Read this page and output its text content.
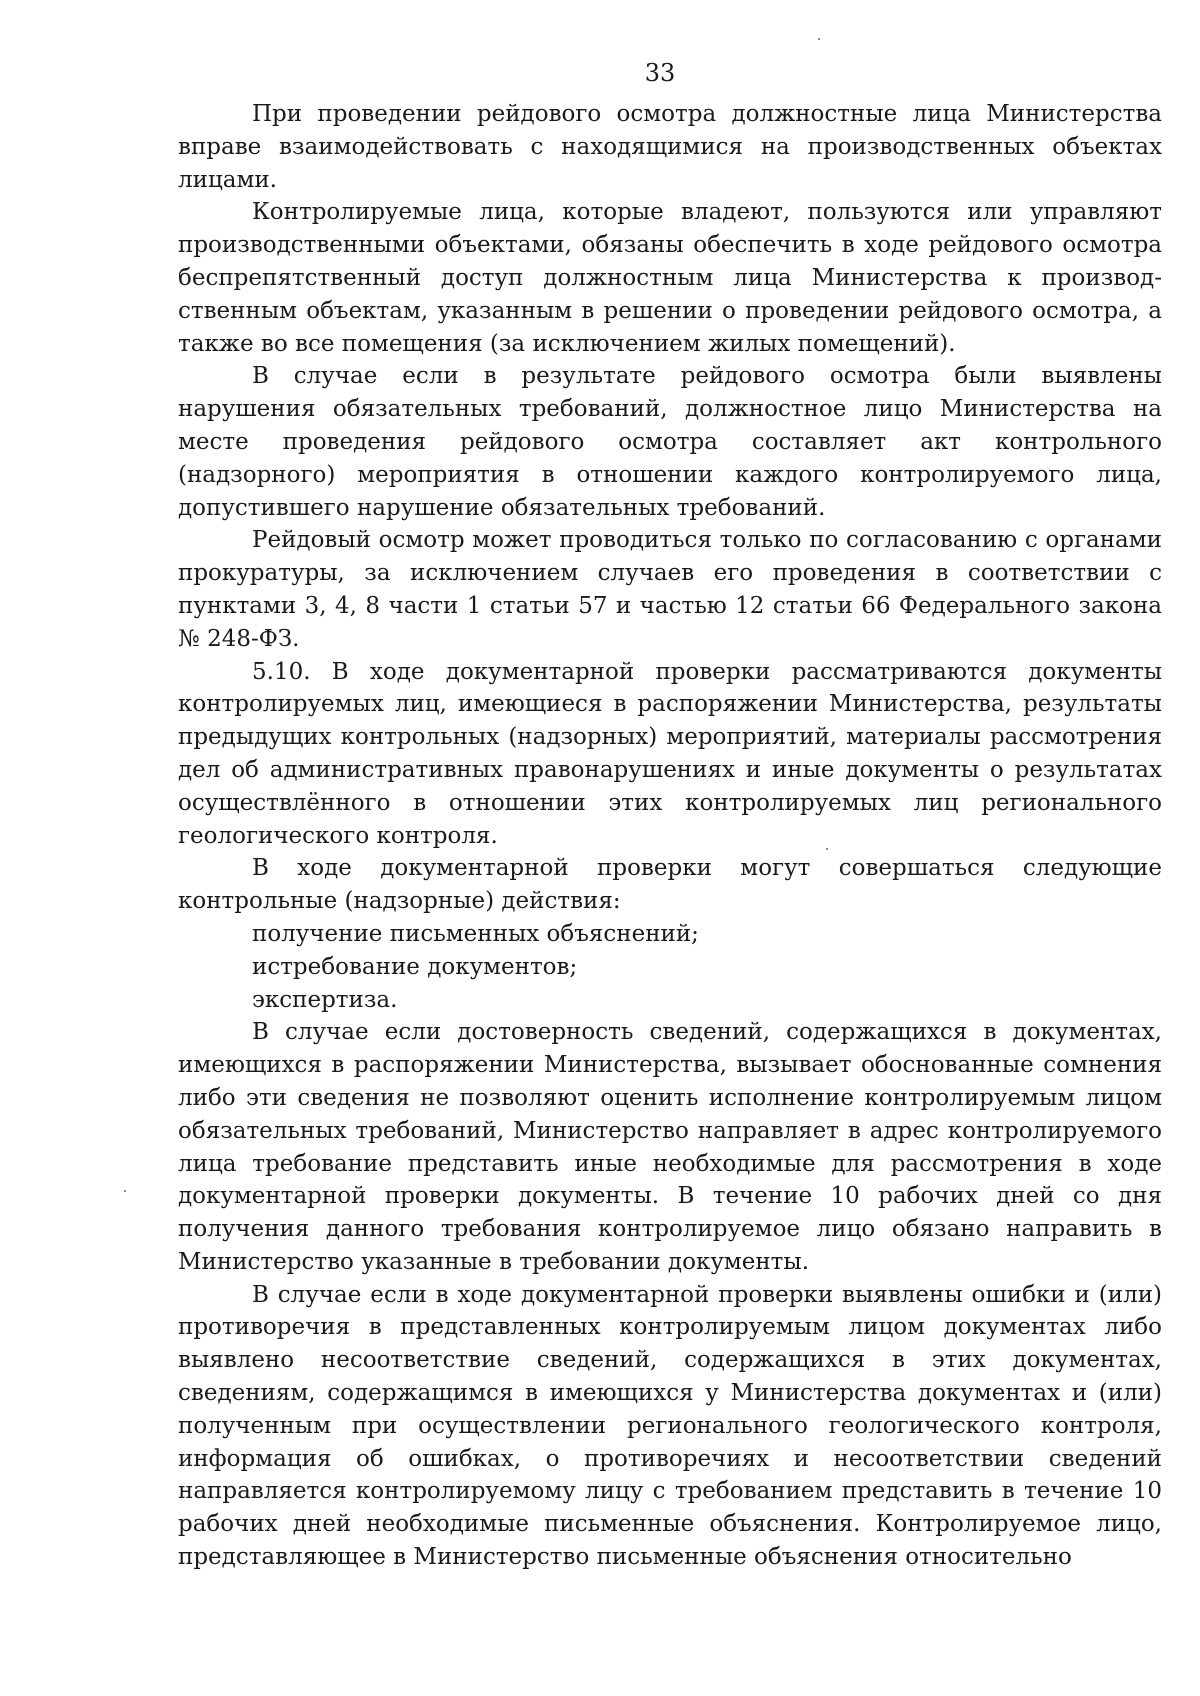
33

При проведении рейдового осмотра должностные лица Министерства вправе взаимодействовать с находящимися на производственных объектах лицами.

Контролируемые лица, которые владеют, пользуются или управляют производственными объектами, обязаны обеспечить в ходе рейдового осмотра беспрепятственный доступ должностным лица Министерства к производственным объектам, указанным в решении о проведении рейдового осмотра, а также во все помещения (за исключением жилых помещений).

В случае если в результате рейдового осмотра были выявлены нарушения обязательных требований, должностное лицо Министерства на месте проведения рейдового осмотра составляет акт контрольного (надзорного) мероприятия в отношении каждого контролируемого лица, допустившего нарушение обязательных требований.

Рейдовый осмотр может проводиться только по согласованию с органами прокуратуры, за исключением случаев его проведения в соответствии с пунктами 3, 4, 8 части 1 статьи 57 и частью 12 статьи 66 Федерального закона № 248-ФЗ.

5.10. В ходе документарной проверки рассматриваются документы контролируемых лиц, имеющиеся в распоряжении Министерства, результаты предыдущих контрольных (надзорных) мероприятий, материалы рассмотрения дел об административных правонарушениях и иные документы о результатах осуществлённого в отношении этих контролируемых лиц регионального геологического контроля.

В ходе документарной проверки могут совершаться следующие контрольные (надзорные) действия:

получение письменных объяснений;

истребование документов;

экспертиза.

В случае если достоверность сведений, содержащихся в документах, имеющихся в распоряжении Министерства, вызывает обоснованные сомнения либо эти сведения не позволяют оценить исполнение контролируемым лицом обязательных требований, Министерство направляет в адрес контролируемого лица требование представить иные необходимые для рассмотрения в ходе документарной проверки документы. В течение 10 рабочих дней со дня получения данного требования контролируемое лицо обязано направить в Министерство указанные в требовании документы.

В случае если в ходе документарной проверки выявлены ошибки и (или) противоречия в представленных контролируемым лицом документах либо выявлено несоответствие сведений, содержащихся в этих документах, сведениям, содержащимся в имеющихся у Министерства документах и (или) полученным при осуществлении регионального геологического контроля, информация об ошибках, о противоречиях и несоответствии сведений направляется контролируемому лицу с требованием представить в течение 10 рабочих дней необходимые письменные объяснения. Контролируемое лицо, представляющее в Министерство письменные объяснения относительно
